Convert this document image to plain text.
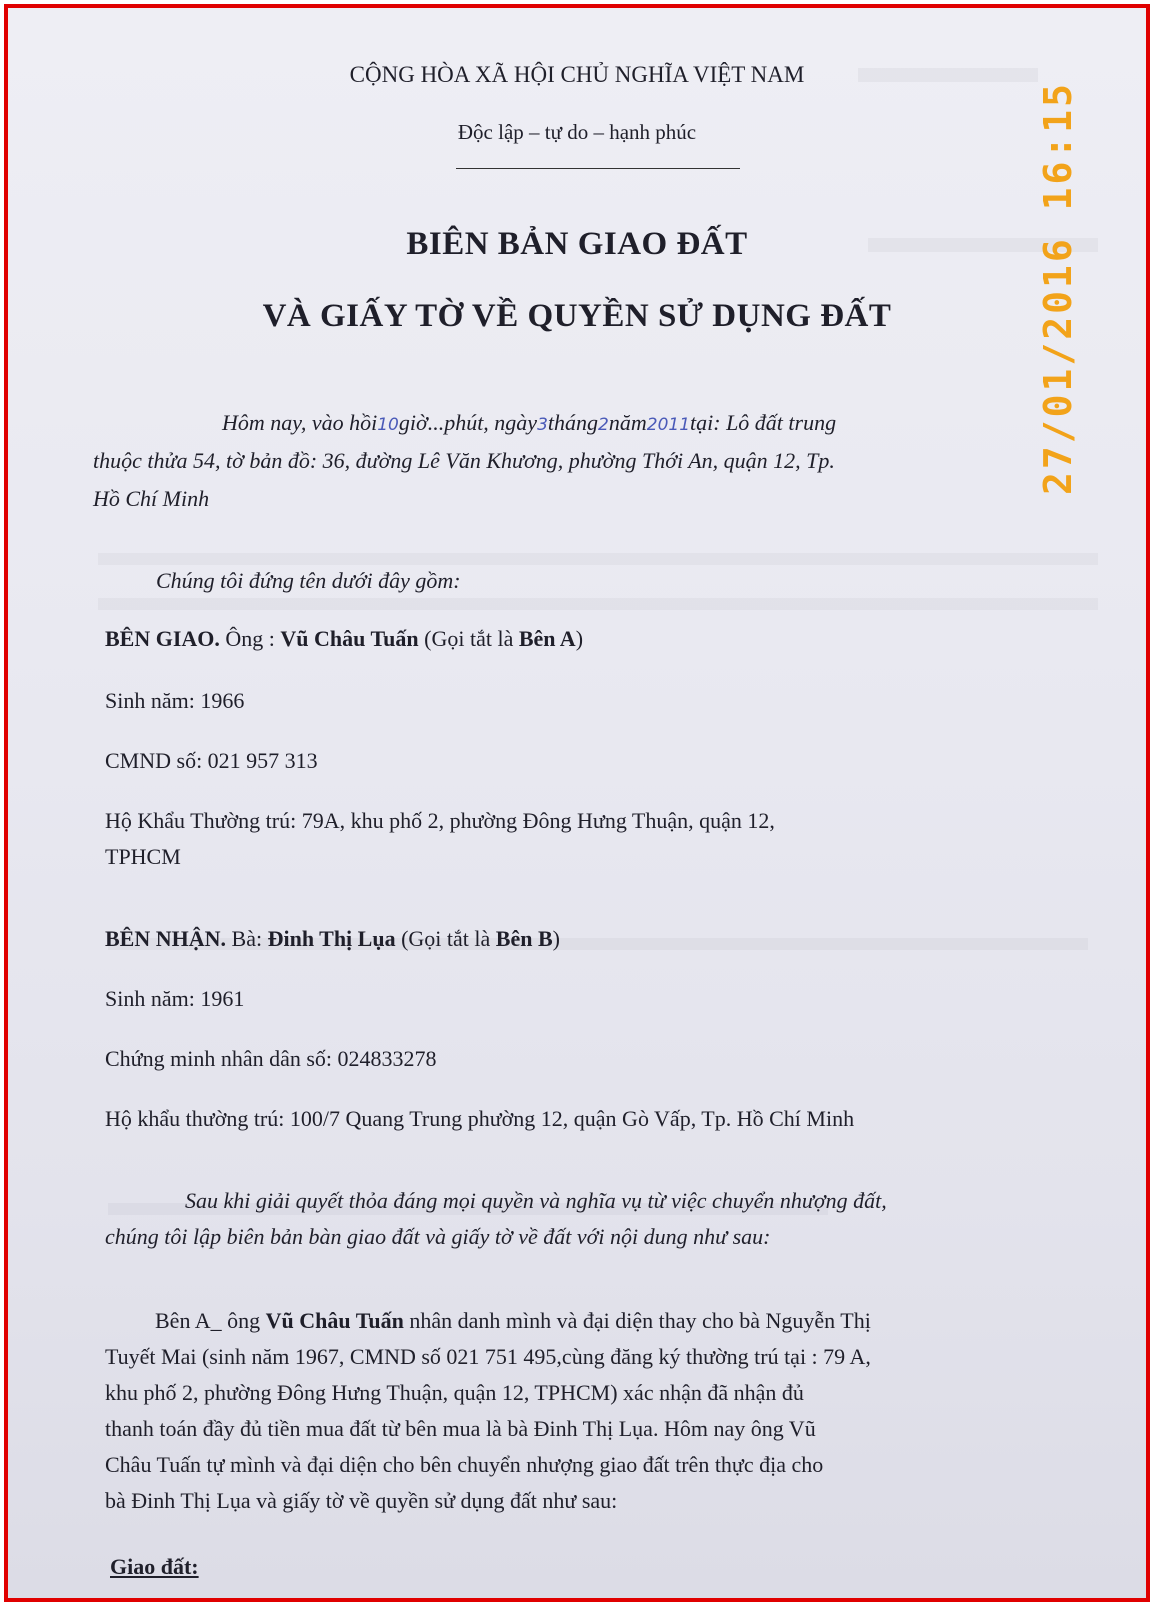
CỘNG HÒA XÃ HỘI CHỦ NGHĨA VIỆT NAM
Độc lập – tự do – hạnh phúc
BIÊN BẢN GIAO ĐẤT
VÀ GIẤY TỜ VỀ QUYỀN SỬ DỤNG ĐẤT
Hôm nay, vào hồi10giờ...phút, ngày3tháng2năm2011tại: Lô đất trung
thuộc thửa 54, tờ bản đồ: 36, đường Lê Văn Khương, phường Thới An, quận 12, Tp.
Hồ Chí Minh
Chúng tôi đứng tên dưới đây gồm:
BÊN GIAO. Ông : Vũ Châu Tuấn (Gọi tắt là Bên A)
Sinh năm: 1966
CMND số: 021 957 313
Hộ Khẩu Thường trú: 79A, khu phố 2, phường Đông Hưng Thuận, quận 12,
TPHCM
BÊN NHẬN. Bà: Đinh Thị Lụa (Gọi tắt là Bên B)
Sinh năm: 1961
Chứng minh nhân dân số: 024833278
Hộ khẩu thường trú: 100/7 Quang Trung phường 12, quận Gò Vấp, Tp. Hồ Chí Minh
Sau khi giải quyết thỏa đáng mọi quyền và nghĩa vụ từ việc chuyển nhượng đất,
chúng tôi lập biên bản bàn giao đất và giấy tờ về đất với nội dung như sau:
Bên A_ ông Vũ Châu Tuấn nhân danh mình và đại diện thay cho bà Nguyễn Thị
Tuyết Mai (sinh năm 1967, CMND số 021 751 495,cùng đăng ký thường trú tại : 79 A,
khu phố 2, phường Đông Hưng Thuận, quận 12, TPHCM) xác nhận đã nhận đủ
thanh toán đầy đủ tiền mua đất từ bên mua là bà Đinh Thị Lụa. Hôm nay ông Vũ
Châu Tuấn tự mình và đại diện cho bên chuyển nhượng giao đất trên thực địa cho
bà Đinh Thị Lụa và giấy tờ về quyền sử dụng đất như sau:
Giao đất:
27/01/2016 16:15
